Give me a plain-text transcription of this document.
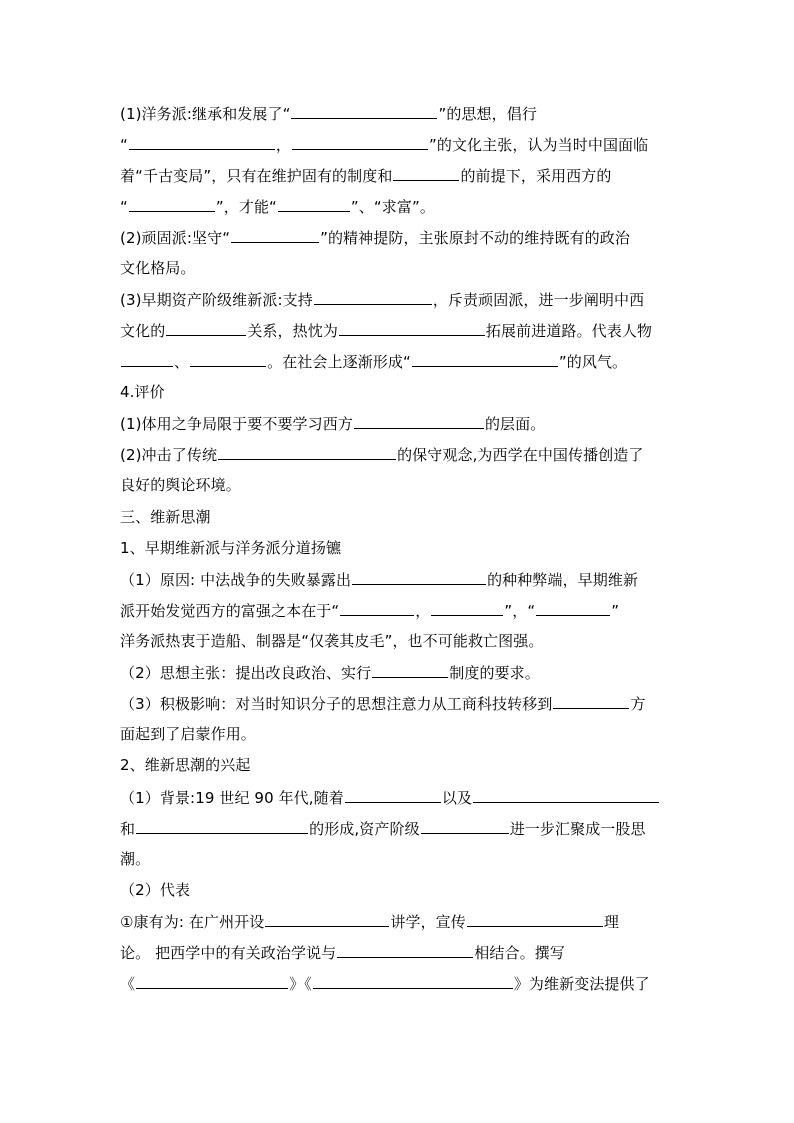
(1)洋务派:继承和发展了“	”的思想，倡行
“	，	”的文化主张，认为当时中国面临
着“千古变局”，只有在维护固有的制度和	的前提下，采用西方的
“	”，才能“	”、“求富”。
(2)顽固派:坚守“	”的精神提防，主张原封不动的维持既有的政治
文化格局。
(3)早期资产阶级维新派:支持	，斥责顽固派，进一步阐明中西
文化的	关系，热忱为	拓展前进道路。代表人物
、	。在社会上逐渐形成“	”的风气。
4.评价
(1)体用之争局限于要不要学习西方	的层面。
(2)冲击了传统	的保守观念,为西学在中国传播创造了
良好的舆论环境。
三、维新思潮
1、早期维新派与洋务派分道扬镳
（1）原因: 中法战争的失败暴露出	的种种弊端，早期维新
派开始发觉西方的富强之本在于“	，	”，“	”
洋务派热衷于造船、制器是“仅袭其皮毛”，也不可能救亡图强。
（2）思想主张：提出改良政治、实行	制度的要求。
（3）积极影响：对当时知识分子的思想注意力从工商科技转移到	方
面起到了启蒙作用。
2、维新思潮的兴起
（1）背景:19 世纪 90 年代,随着	以及
和	的形成,资产阶级	进一步汇聚成一股思
潮。
（2）代表
①康有为: 在广州开设	讲学，宣传	理
论。 把西学中的有关政治学说与	相结合。撰写
《	》《	》为维新变法提供了
